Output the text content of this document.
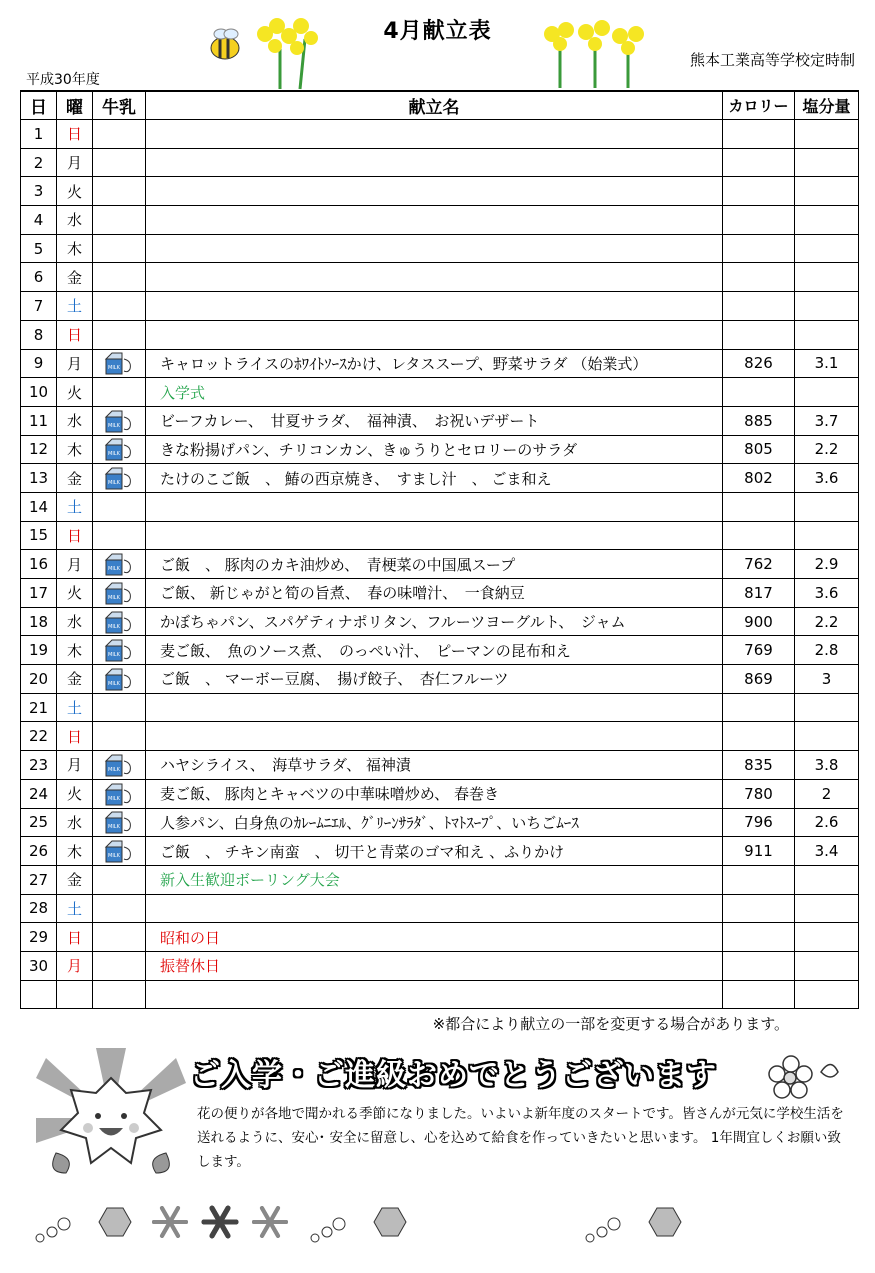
4月献立表
熊本工業高等学校定時制
平成30年度
日	曜	牛乳	献立名	カロリー	塩分量
1	日				
2	月				
3	火				
4	水				
5	木				
6	金				
7	土				
8	日				
9	月	MILK	キャロットライスのﾎﾜｲﾄｿｰｽかけ、レタススープ、野菜サラダ （始業式）	826	3.1
10	火		入学式		
11	水	MILK	ビーフカレー、　甘夏サラダ、　福神漬、　お祝いデザート	885	3.7
12	木	MILK	きな粉揚げパン、チリコンカン、きゅうりとセロリーのサラダ	805	2.2
13	金	MILK	たけのこご飯　、 鰆の西京焼き、　すまし汁　、 ごま和え	802	3.6
14	土				
15	日				
16	月	MILK	ご飯　、 豚肉のカキ油炒め、　青梗菜の中国風スープ	762	2.9
17	火	MILK	ご飯、 新じゃがと筍の旨煮、　春の味噌汁、　一食納豆	817	3.6
18	水	MILK	かぼちゃパン、スパゲティナポリタン、フルーツヨーグルト、　ジャム	900	2.2
19	木	MILK	麦ご飯、　魚のソース煮、　のっぺい汁、　ピーマンの昆布和え	769	2.8
20	金	MILK	ご飯　、 マーボー豆腐、　揚げ餃子、　杏仁フルーツ	869	3
21	土				
22	日				
23	月	MILK	ハヤシライス、　海草サラダ、 福神漬	835	3.8
24	火	MILK	麦ご飯、 豚肉とキャベツの中華味噌炒め、 春巻き	780	2
25	水	MILK	人参パン、白身魚のｶﾚｰﾑﾆｴﾙ、ｸﾞﾘｰﾝｻﾗﾀﾞ、ﾄﾏﾄｽｰﾌﾟ、いちごﾑｰｽ	796	2.6
26	木	MILK	ご飯　、 チキン南蛮　、 切干と青菜のゴマ和え 、ふりかけ	911	3.4
27	金		新入生歓迎ボーリング大会		
28	土				
29	日		昭和の日		
30	月		振替休日		

※都合により献立の一部を変更する場合があります。
ご入学・ご進級おめでとうございます
花の便りが各地で聞かれる季節になりました。いよいよ新年度のスタートです。皆さんが元気に学校生活を送れるように、安心･ 安全に留意し、心を込めて給食を作っていきたいと思います。 1年間宜しくお願い致します。
